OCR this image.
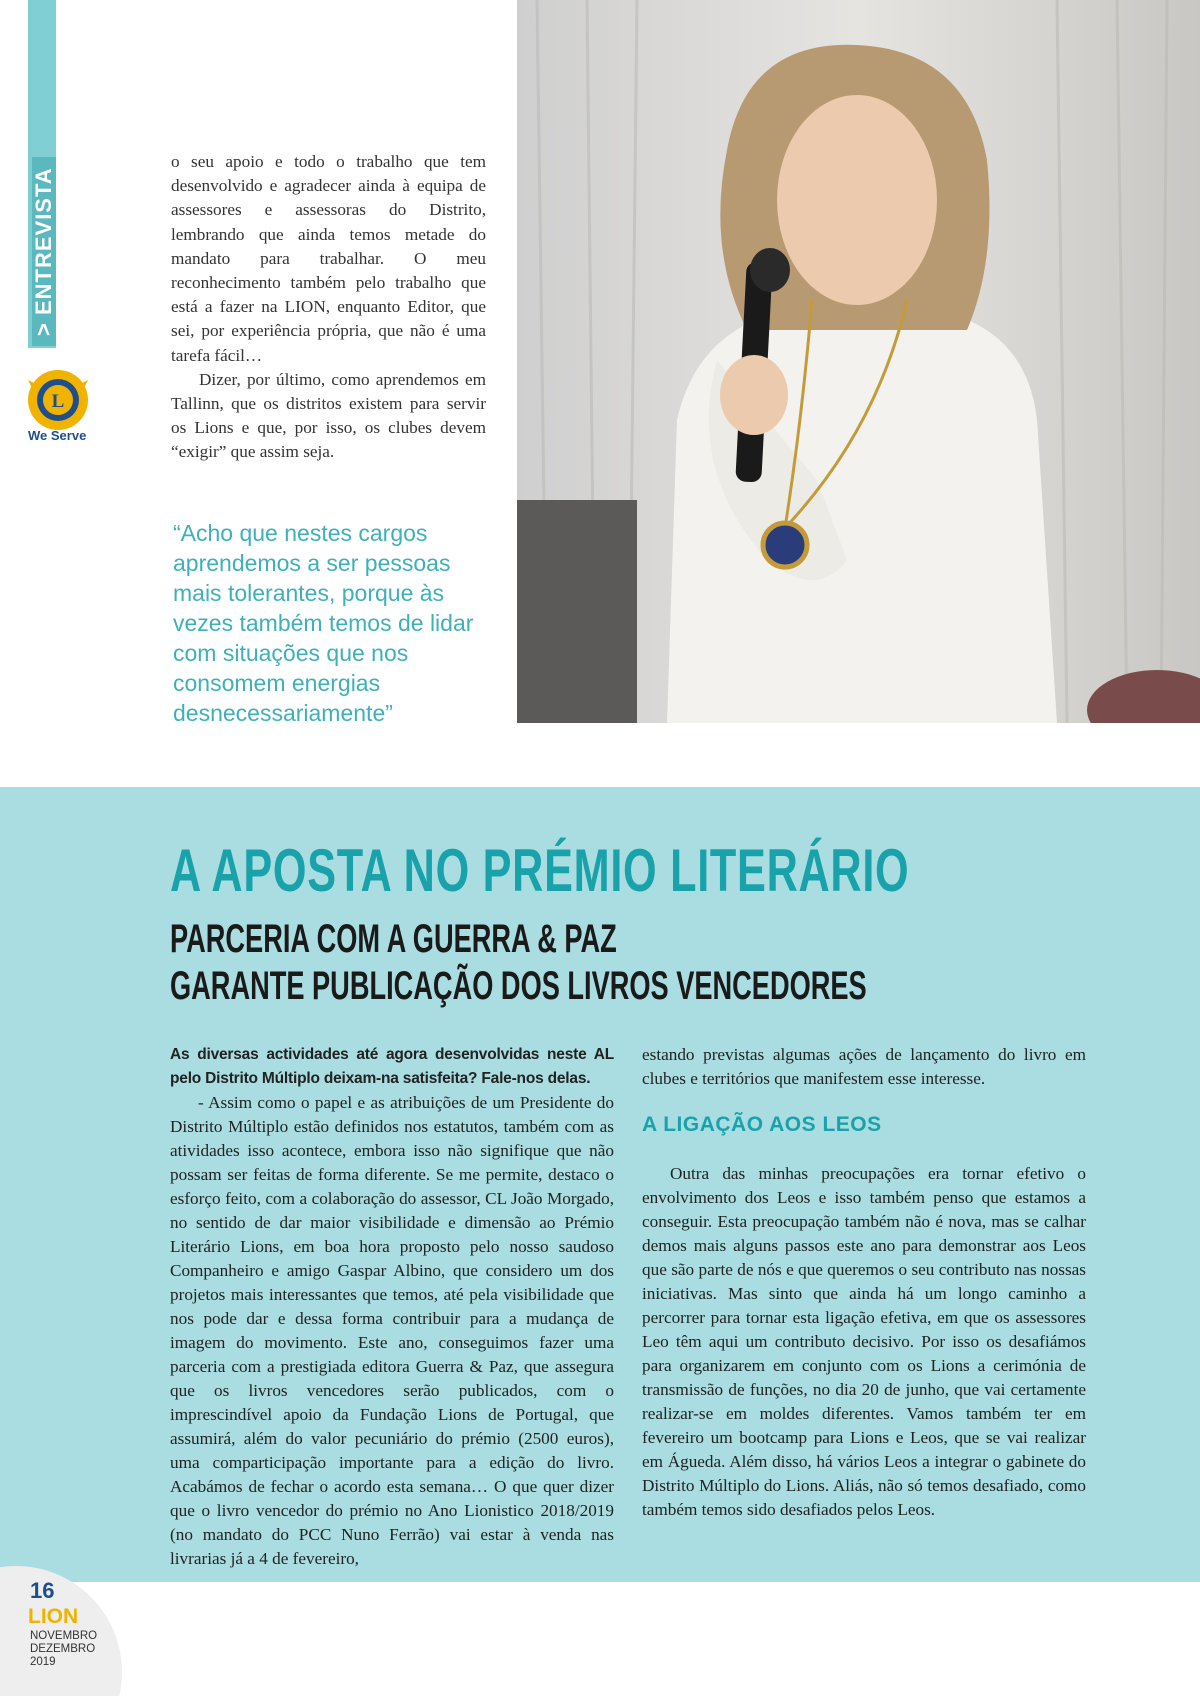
> ENTREVISTA
L
We Serve

o seu apoio e todo o trabalho que tem desenvolvido e agradecer ainda à equipa de assessores e assessoras do Distrito, lembrando que ainda temos metade do mandato para trabalhar. O meu reconhecimento também pelo trabalho que está a fazer na LION, enquanto Editor, que sei, por experiência própria, que não é uma tarefa fácil…

Dizer, por último, como aprendemos em Tallinn, que os distritos existem para servir os Lions e que, por isso, os clubes devem “exigir” que assim seja.

“Acho que nestes cargos aprendemos a ser pessoas mais tolerantes, porque às vezes também temos de lidar com situações que nos consomem energias desnecessariamente”
A APOSTA NO PRÉMIO LITERÁRIO
PARCERIA COM A GUERRA & PAZ
GARANTE PUBLICAÇÃO DOS LIVROS VENCEDORES

As diversas actividades até agora desenvolvidas neste AL pelo Distrito Múltiplo deixam-na satisfeita? Fale-nos delas.

- Assim como o papel e as atribuições de um Presidente do Distrito Múltiplo estão definidos nos estatutos, também com as atividades isso acontece, embora isso não signifique que não possam ser feitas de forma diferente. Se me permite, destaco o esforço feito, com a colaboração do assessor, CL João Morgado, no sentido de dar maior visibilidade e dimensão ao Prémio Literário Lions, em boa hora proposto pelo nosso saudoso Companheiro e amigo Gaspar Albino, que considero um dos projetos mais interessantes que temos, até pela visibilidade que nos pode dar e dessa forma contribuir para a mudança de imagem do movimento. Este ano, conseguimos fazer uma parceria com a prestigiada editora Guerra & Paz, que assegura que os livros vencedores serão publicados, com o imprescindível apoio da Fundação Lions de Portugal, que assumirá, além do valor pecuniário do prémio (2500 euros), uma comparticipação importante para a edição do livro. Acabámos de fechar o acordo esta semana… O que quer dizer que o livro vencedor do prémio no Ano Lionistico 2018/2019 (no mandato do PCC Nuno Ferrão) vai estar à venda nas livrarias já a 4 de fevereiro,

estando previstas algumas ações de lançamento do livro em clubes e territórios que manifestem esse interesse.

A LIGAÇÃO AOS LEOS

Outra das minhas preocupações era tornar efetivo o envolvimento dos Leos e isso também penso que estamos a conseguir. Esta preocupação também não é nova, mas se calhar demos mais alguns passos este ano para demonstrar aos Leos que são parte de nós e que queremos o seu contributo nas nossas iniciativas. Mas sinto que ainda há um longo caminho a percorrer para tornar esta ligação efetiva, em que os assessores Leo têm aqui um contributo decisivo. Por isso os desafiámos para organizarem em conjunto com os Lions a cerimónia de transmissão de funções, no dia 20 de junho, que vai certamente realizar-se em moldes diferentes. Vamos também ter em fevereiro um bootcamp para Lions e Leos, que se vai realizar em Águeda. Além disso, há vários Leos a integrar o gabinete do Distrito Múltiplo do Lions. Aliás, não só temos desafiado, como também temos sido desafiados pelos Leos.

16
LION
NOVEMBRO
DEZEMBRO
2019
